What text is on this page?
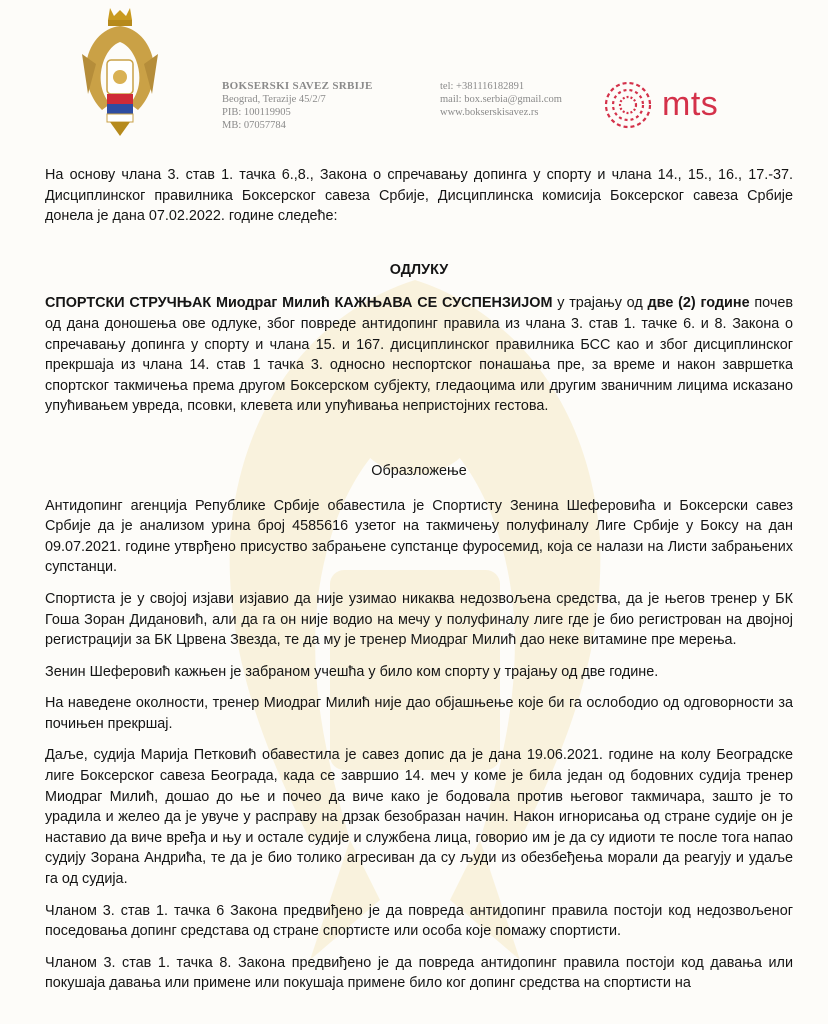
BOKSERSKI SAVEZ SRBIJE
Beograd, Terazije 45/2/7
PIB: 100119905
MB: 07057784
tel: +381116182891
mail: box.serbia@gmail.com
www.bokserskisavez.rs	mts

На основу члана 3. став 1. тачка 6.,8., Закона о спречавању допинга у спорту и члана 14., 15., 16., 17.-37. Дисциплинског правилника Боксерског савеза Србије, Дисциплинска комисија Боксерског савеза Србије донела је дана 07.02.2022. године следеће:

ОДЛУКУ

СПОРТСКИ СТРУЧЊАК Миодраг Милић КАЖЊАВА СЕ СУСПЕНЗИЈОМ у трајању од две (2) године почев од дана доношења ове одлуке, због повреде антидопинг правила из члана 3. став 1. тачке 6. и 8. Закона о спречавању допинга у спорту и члана 15. и 167. дисциплинског правилника БСС као и због дисциплинског прекршаја из члана 14. став 1 тачка 3. односно неспортског понашања пре, за време и након завршетка спортског такмичења према другом Боксерском субјекту, гледаоцима или другим званичним лицима исказано упућивањем увреда, псовки, клевета или упућивања непристојних гестова.

Образложење

Антидопинг агенција Републике Србије обавестила је Спортисту Зенина Шеферовића и Боксерски савез Србије да је анализом урина број 4585616 узетог на такмичењу полуфиналу Лиге Србије у Боксу на дан 09.07.2021. године утврђено присуство забрањене супстанце фуросемид, која се налази на Листи забрањених супстанци.

Спортиста је у својој изјави изјавио да није узимао никаква недозвољена средства, да је његов тренер у БК Гоша Зоран Дидановић, али да га он није водио на мечу у полуфиналу лиге где је био регистрован на двојној регистрацији за БК Црвена Звезда, те да му је тренер Миодраг Милић дао неке витамине пре мерења.

Зенин Шеферовић кажњен је забраном учешћа у било ком спорту у трајању од две године.

На наведене околности, тренер Миодраг Милић није дао објашњење које би га ослободио од одговорности за почињен прекршај.

Даље, судија Марија Петковић обавестила је савез допис да је дана 19.06.2021. године на колу Београдске лиге Боксерског савеза Београда, када се завршио 14. меч у коме је била један од бодовних судија тренер Миодраг Милић, дошао до ње и почео да виче како је бодовала против његовог такмичара, зашто је то урадила и желео да је увуче у расправу на дрзак безобразан начин. Након игнорисања од стране судије он је наставио да виче вређа и њу и остале судије и службена лица, говорио им је да су идиоти те после тога напао судију Зорана Андрића, те да је био толико агресиван да су људи из обезбеђења морали да реагују и удаље га од судија.

Чланом 3. став 1. тачка 6 Закона предвиђено је да повреда антидопинг правила постоји код недозвољеног поседовања допинг средстава од стране спортисте или особа које помажу спортисти.

Чланом 3. став 1. тачка 8. Закона предвиђено је да повреда антидопинг правила постоји код давања или покушаја давања или примене или покушаја примене било ког допинг средства на спортисти на
